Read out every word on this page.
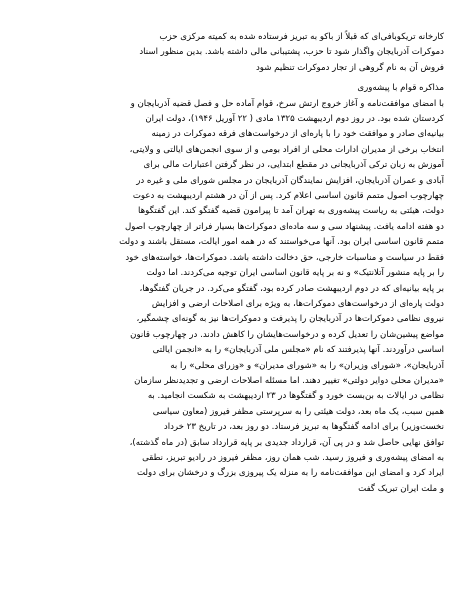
کارخانه تریکوبافی‌ای که قبلاً از باکو به تبریز فرستاده شده به کمیته مرکزی حزب
دموکرات آذربایجان واگذار شود تا حزب، پشتیبانی مالی داشته باشد. بدین منظور اسناد
فروش آن به نام گروهی از تجار دموکرات تنظیم شود
مذاکره قوام با پیشه‌وری
با امضای موافقت‌نامه و آغاز خروج ارتش سرخ، قوام آماده حل و فصل قضیه آذربایجان و
کردستان شده بود. در روز دوم اردیبهشت ۱۳۲۵ مادی ( ۲۲ آوریل ۱۹۴۶)، دولت ایران
بیانیه‌ای صادر و موافقت خود را با پاره‌ای از درخواست‌های فرقه دموکرات در زمینه
انتخاب برخی از مدیران ادارات محلی از افراد بومی و از سوی انجمن‌های ایالتی و ولایتی،
آموزش به زبان ترکی آذربایجانی در مقطع ابتدایی، در نظر گرفتن اعتبارات مالی برای
آبادی و عمران آذربایجان، افزایش نمایندگان آذربایجان در مجلس شورای ملی و غیره در
چهارچوب اصول متمم قانون اساسی اعلام کرد. پس از آن در هشتم اردیبهشت به دعوت
دولت، هیئتی به ریاست پیشه‌وری به تهران آمد تا پیرامون قضیه گفتگو کند. این گفتگوها
دو هفته ادامه یافت. پیشنهاد سی و سه ماده‌ای دموکرات‌ها بسیار فراتر از چهارچوب اصول
متمم قانون اساسی ایران بود. آنها می‌خواستند که در همه امور ایالت، مستقل باشند و دولت
فقط در سیاست و مناسبات خارجی، حق دخالت داشته باشد. دموکرات‌ها، خواسته‌های خود
را بر پایه منشور آتلانتیک» و نه بر پایه قانون اساسی ایران توجیه می‌کردند. اما دولت
بر پایه بیانیه‌ای که در دوم اردیبهشت صادر کرده بود، گفتگو می‌کرد. در جریان گفتگوها،
دولت پاره‌ای از درخواست‌های دموکرات‌ها، به ویژه برای اصلاحات ارضی و افزایش
نیروی نظامی دموکرات‌ها در آذربایجان را پذیرفت و دموکرات‌ها نیز به گونه‌ای چشمگیر،
مواضع پیشین‌شان را تعدیل کرده و درخواست‌هایشان را کاهش دادند. در چهارچوب قانون
اساسی درآوردند. آنها پذیرفتند که نام «مجلس ملی آذربایجان» را به «انجمن ایالتی
آذربایجان»، «شورای وزیران» را به «شورای مدیران» و «وزرای محلی» را به
«مدیران محلی دوایر دولتی» تغییر دهند. اما مسئله اصلاحات ارضی و تجدیدنظر سازمان
نظامی در ایالات به بن‌بست خورد و گفتگوها در ۲۳ اردیبهشت به شکست انجامید. به
همین سبب، یک ماه بعد، دولت هیئتی را به سرپرستی مظفر فیروز (معاون سیاسی
نخست‌وزیر) برای ادامه گفتگوها به تبریز فرستاد. دو روز بعد، در تاریخ ۲۳ خرداد
توافق نهایی حاصل شد و در پی آن، قرارداد جدیدی بر پایه قرارداد سابق (در ماه گذشته)،
به امضای پیشه‌وری و فیروز رسید. شب همان روز، مظفر فیروز در رادیو تبریز، نطقی
ایراد کرد و امضای این موافقت‌نامه را به منزله یک پیروزی بزرگ و درخشان برای دولت
و ملت ایران تبریک گفت
